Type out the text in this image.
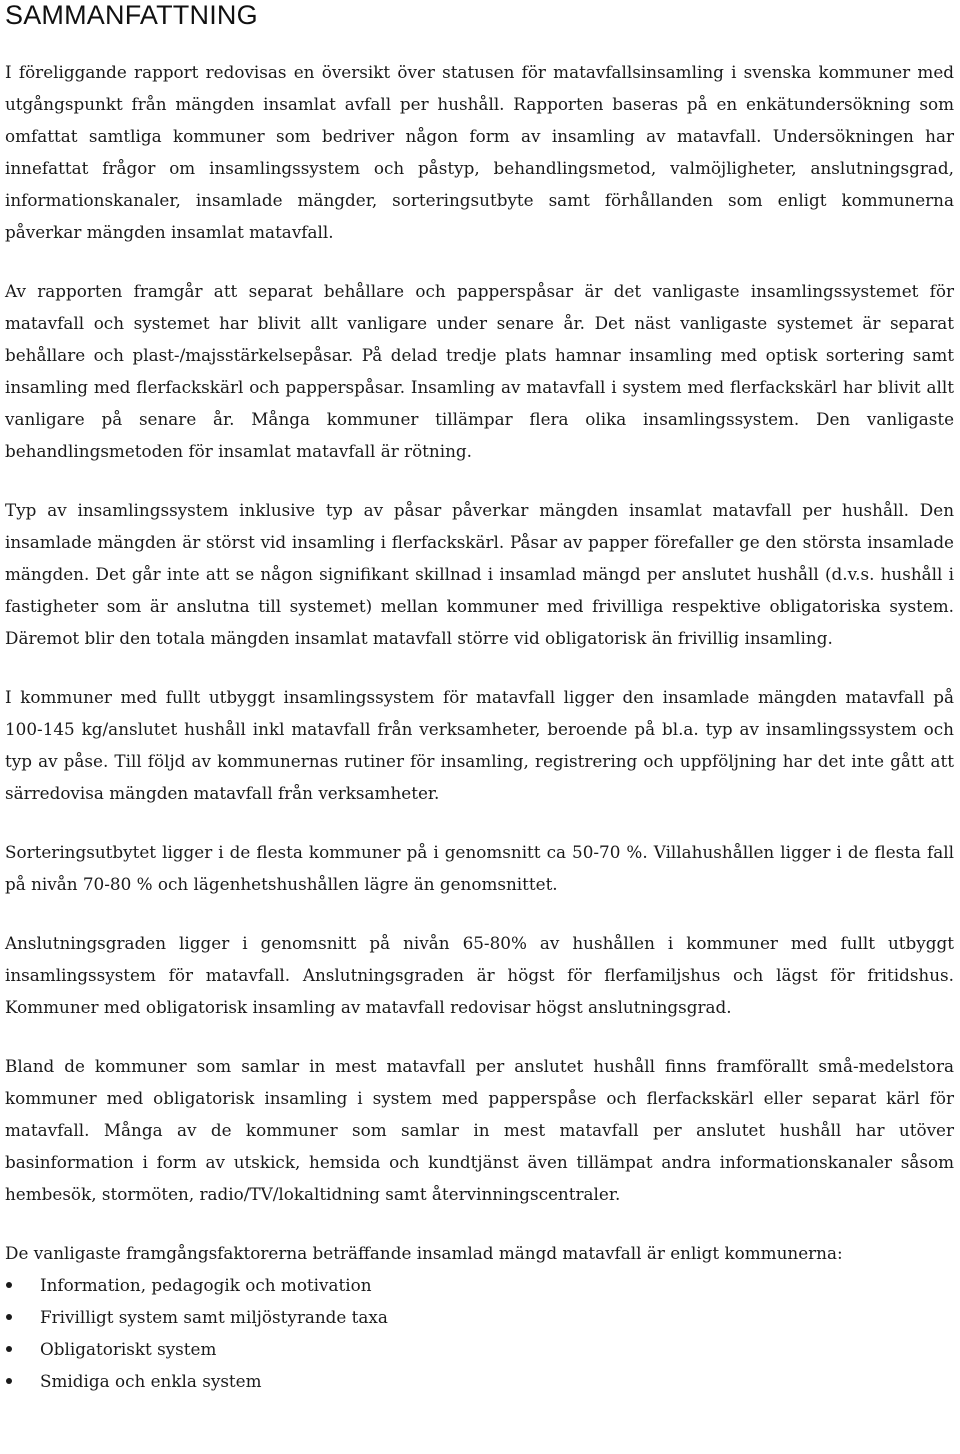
SAMMANFATTNING

I föreliggande rapport redovisas en översikt över statusen för matavfallsinsamling i svenska kommuner med utgångspunkt från mängden insamlat avfall per hushåll. Rapporten baseras på en enkätundersökning som omfattat samtliga kommuner som bedriver någon form av insamling av matavfall. Undersökningen har innefattat frågor om insamlingssystem och påstyp, behandlingsmetod, valmöjligheter, anslutningsgrad, informationskanaler, insamlade mängder, sorteringsutbyte samt förhållanden som enligt kommunerna påverkar mängden insamlat matavfall.

Av rapporten framgår att separat behållare och papperspåsar är det vanligaste insamlingssystemet för matavfall och systemet har blivit allt vanligare under senare år. Det näst vanligaste systemet är separat behållare och plast-/majsstärkelsepåsar. På delad tredje plats hamnar insamling med optisk sortering samt insamling med flerfackskärl och papperspåsar. Insamling av matavfall i system med flerfackskärl har blivit allt vanligare på senare år. Många kommuner tillämpar flera olika insamlingssystem. Den vanligaste behandlingsmetoden för insamlat matavfall är rötning.

Typ av insamlingssystem inklusive typ av påsar påverkar mängden insamlat matavfall per hushåll. Den insamlade mängden är störst vid insamling i flerfackskärl. Påsar av papper förefaller ge den största insamlade mängden. Det går inte att se någon signifikant skillnad i insamlad mängd per anslutet hushåll (d.v.s. hushåll i fastigheter som är anslutna till systemet) mellan kommuner med frivilliga respektive obligatoriska system. Däremot blir den totala mängden insamlat matavfall större vid obligatorisk än frivillig insamling.

I kommuner med fullt utbyggt insamlingssystem för matavfall ligger den insamlade mängden matavfall på 100-145 kg/anslutet hushåll inkl matavfall från verksamheter, beroende på bl.a. typ av insamlingssystem och typ av påse. Till följd av kommunernas rutiner för insamling, registrering och uppföljning har det inte gått att särredovisa mängden matavfall från verksamheter.

Sorteringsutbytet ligger i de flesta kommuner på i genomsnitt ca 50-70 %. Villahushållen ligger i de flesta fall på nivån 70-80 % och lägenhetshushållen lägre än genomsnittet.

Anslutningsgraden ligger i genomsnitt på nivån 65-80% av hushållen i kommuner med fullt utbyggt insamlingssystem för matavfall. Anslutningsgraden är högst för flerfamiljshus och lägst för fritidshus. Kommuner med obligatorisk insamling av matavfall redovisar högst anslutningsgrad.

Bland de kommuner som samlar in mest matavfall per anslutet hushåll finns framförallt små-medelstora kommuner med obligatorisk insamling i system med papperspåse och flerfackskärl eller separat kärl för matavfall. Många av de kommuner som samlar in mest matavfall per anslutet hushåll har utöver basinformation i form av utskick, hemsida och kundtjänst även tillämpat andra informationskanaler såsom hembesök, stormöten, radio/TV/lokaltidning samt återvinningscentraler.

De vanligaste framgångsfaktorerna beträffande insamlad mängd matavfall är enligt kommunerna:

Information, pedagogik och motivation
Frivilligt system samt miljöstyrande taxa
Obligatoriskt system
Smidiga och enkla system
